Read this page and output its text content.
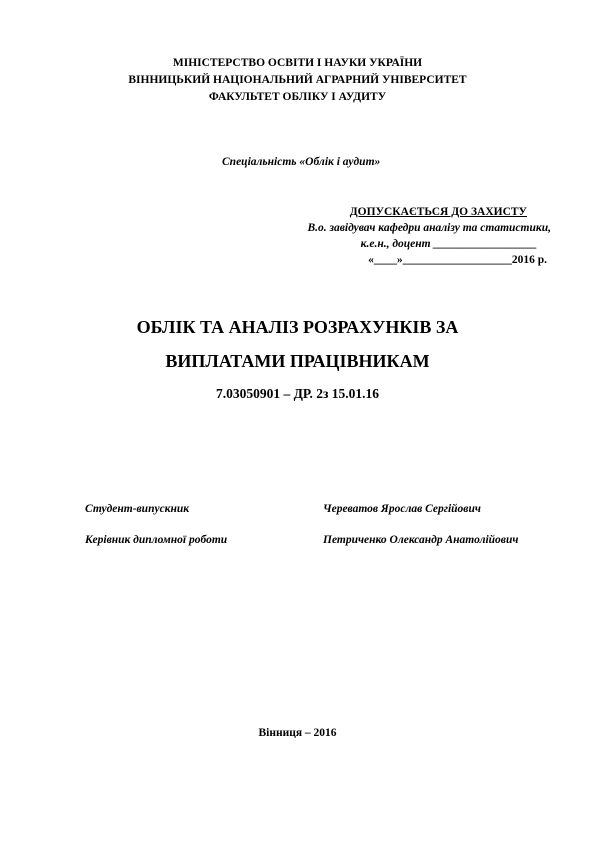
МІНІСТЕРСТВО ОСВІТИ І НАУКИ УКРАЇНИ
ВІННИЦЬКИЙ НАЦІОНАЛЬНИЙ АГРАРНИЙ УНІВЕРСИТЕТ
ФАКУЛЬТЕТ ОБЛІКУ І АУДИТУ
Спеціальність «Облік і аудит»
ДОПУСКАЄТЬСЯ ДО ЗАХИСТУ
В.о. завідувач кафедри аналізу та статистики,
к.е.н., доцент __________________
«____»___________________2016 р.
ОБЛІК ТА АНАЛІЗ РОЗРАХУНКІВ ЗА
ВИПЛАТАМИ ПРАЦІВНИКАМ
7.03050901 – ДР. 2з 15.01.16
Студент-випускник	Череватов Ярослав Сергійович
Керівник дипломної роботи	Петриченко Олександр Анатолійович
Вінниця – 2016
